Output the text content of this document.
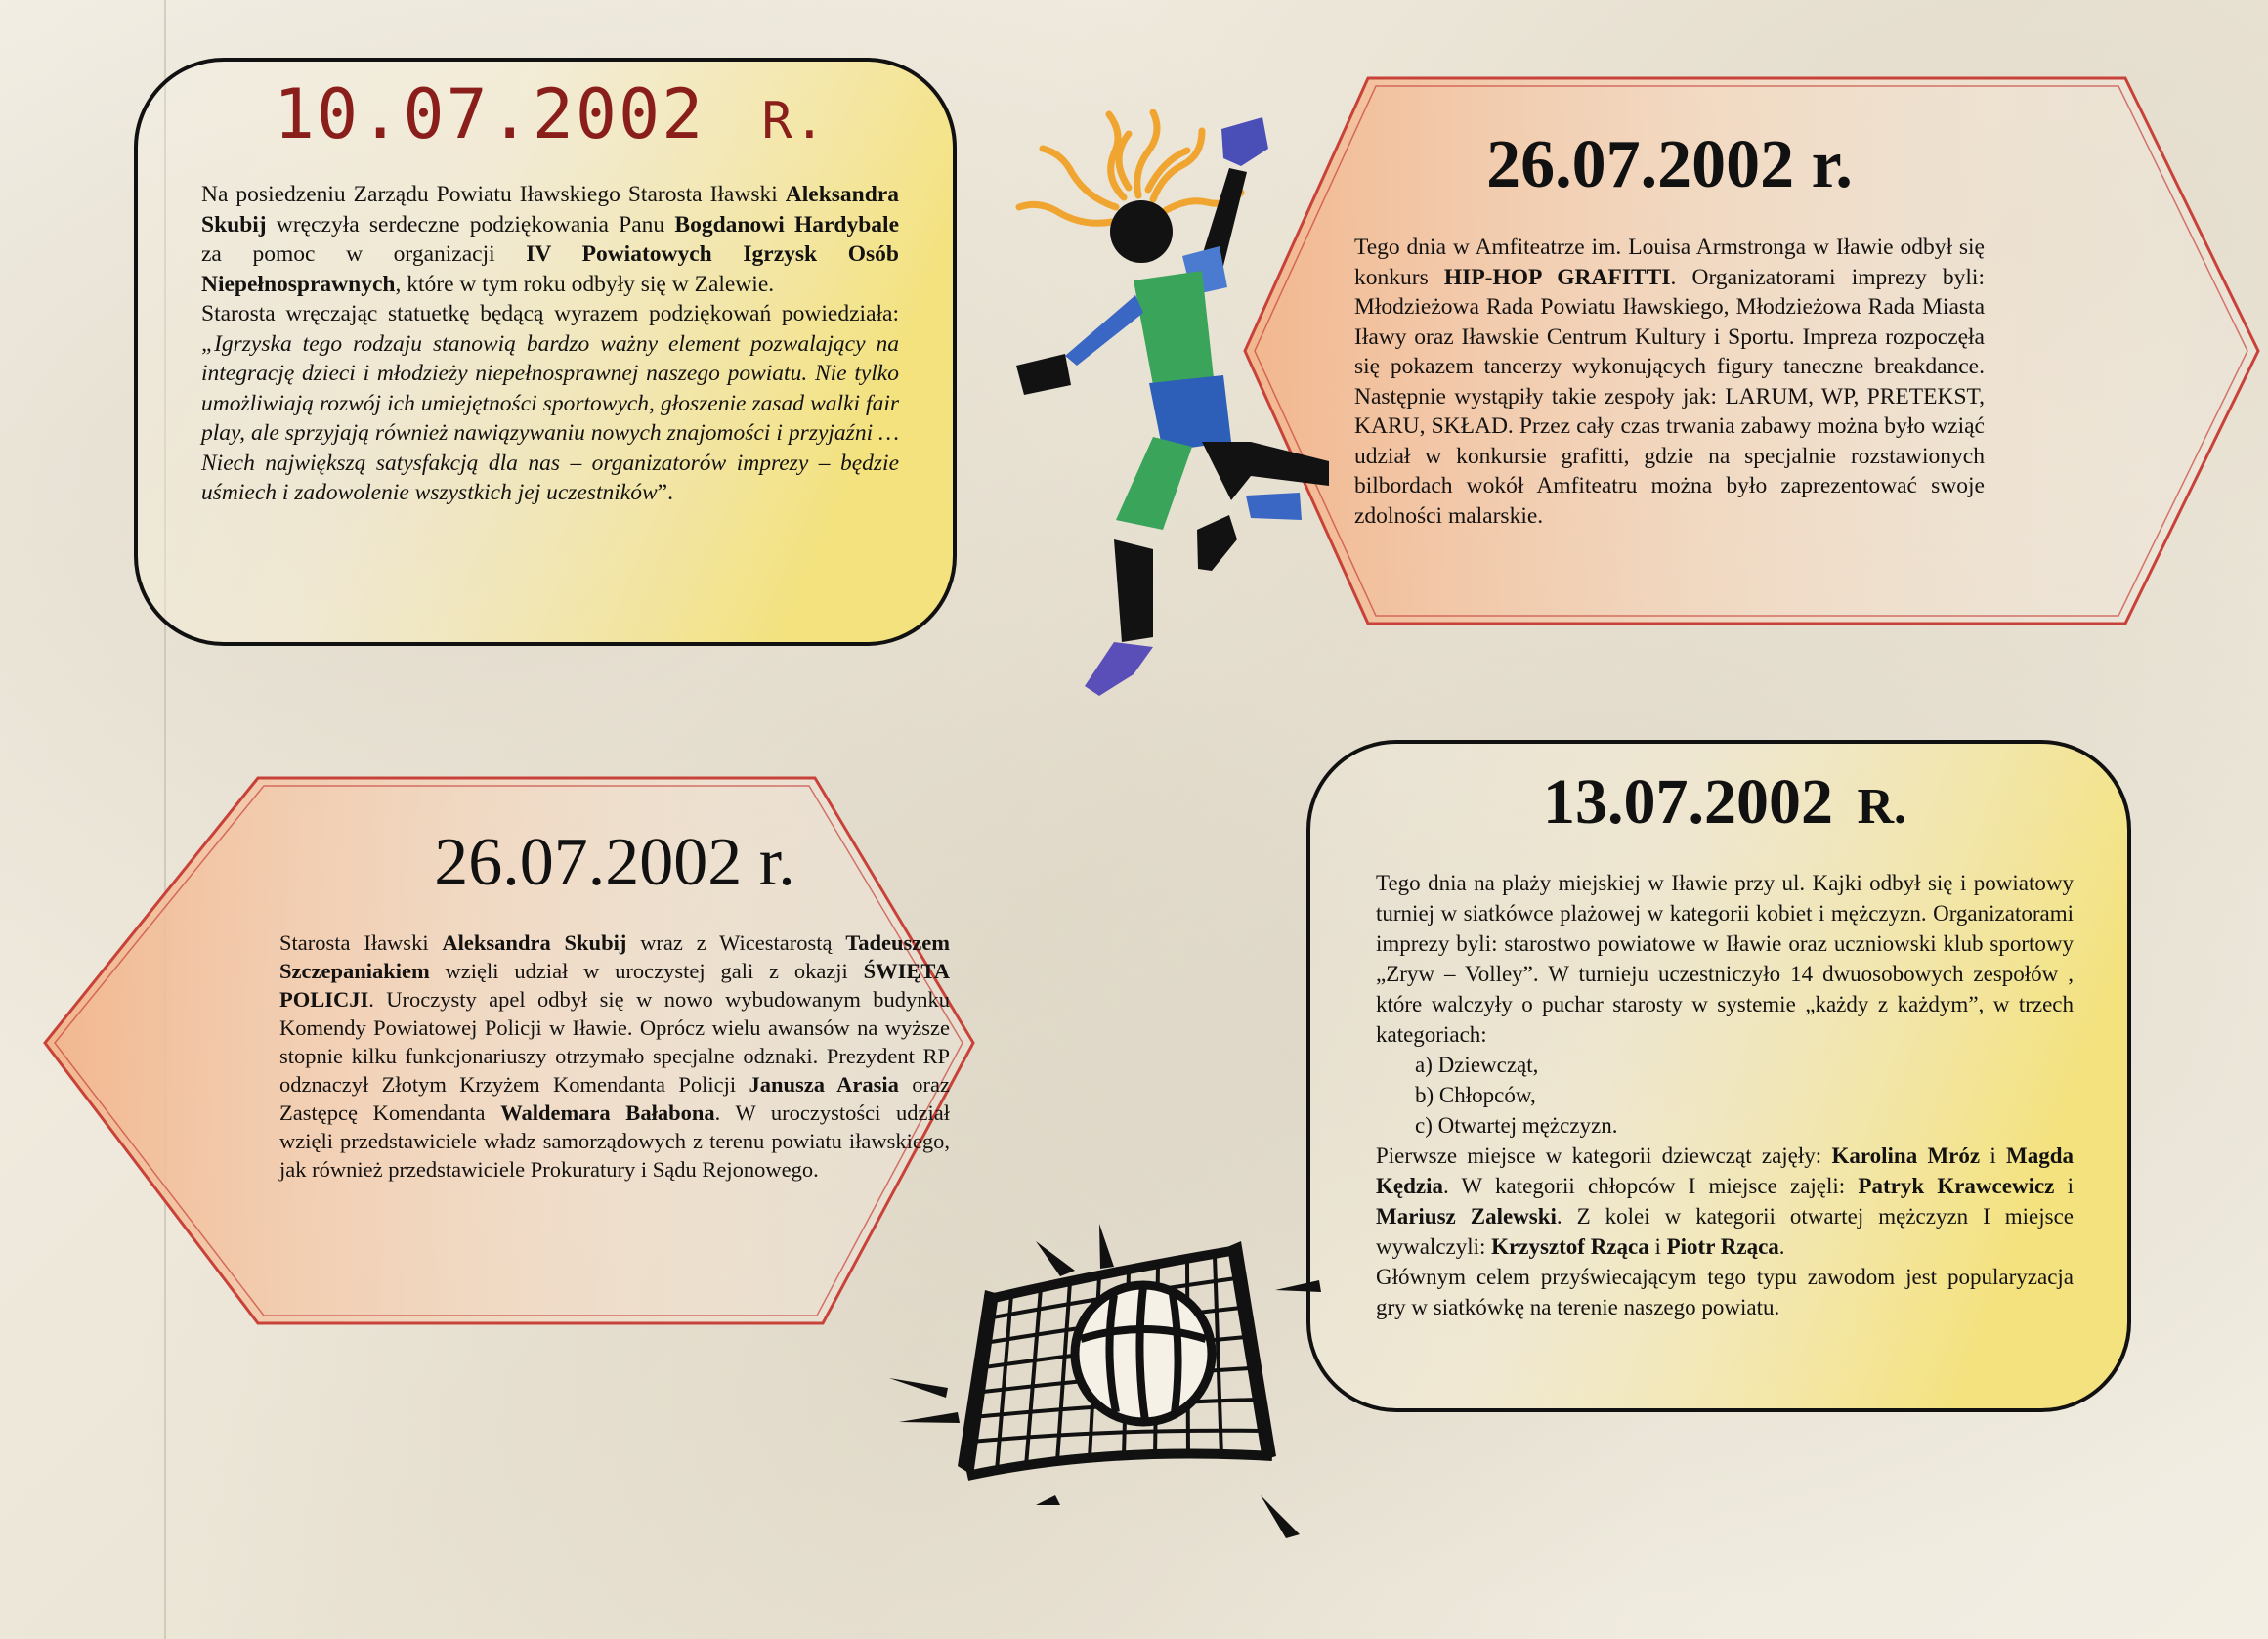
10.07.2002 R.

Na posiedzeniu Zarządu Powiatu Iławskiego Starosta Iławski Aleksandra Skubij wręczyła serdeczne podziękowania Panu Bogdanowi Hardybale za pomoc w organizacji IV Powiatowych Igrzysk Osób Niepełnosprawnych, które w tym roku odbyły się w Zalewie.

Starosta wręczając statuetkę będącą wyrazem podziękowań powiedziała: „Igrzyska tego rodzaju stanowią bardzo ważny element pozwalający na integrację dzieci i młodzieży niepełnosprawnej naszego powiatu. Nie tylko umożliwiają rozwój ich umiejętności sportowych, głoszenie zasad walki fair play, ale sprzyjają również nawiązywaniu nowych znajomości i przyjaźni … Niech największą satysfakcją dla nas – organizatorów imprezy – będzie uśmiech i zadowolenie wszystkich jej uczestników”.

26.07.2002 r.

Tego dnia w Amfiteatrze im. Louisa Armstronga w Iławie odbył się konkurs HIP-HOP GRAFITTI. Organizatorami imprezy byli: Młodzieżowa Rada Powiatu Iławskiego, Młodzieżowa Rada Miasta Iławy oraz Iławskie Centrum Kultury i Sportu. Impreza rozpoczęła się pokazem tancerzy wykonujących figury taneczne breakdance. Następnie wystąpiły takie zespoły jak: LARUM, WP, PRETEKST, KARU, SKŁAD. Przez cały czas trwania zabawy można było wziąć udział w konkursie grafitti, gdzie na specjalnie rozstawionych bilbordach wokół Amfiteatru można było zaprezentować swoje zdolności malarskie.

26.07.2002 r.

Starosta Iławski Aleksandra Skubij wraz z Wicestarostą Tadeuszem Szczepaniakiem wzięli udział w uroczystej gali z okazji ŚWIĘTA POLICJI. Uroczysty apel odbył się w nowo wybudowanym budynku Komendy Powiatowej Policji w Iławie. Oprócz wielu awansów na wyższe stopnie kilku funkcjonariuszy otrzymało specjalne odznaki. Prezydent RP odznaczył Złotym Krzyżem Komendanta Policji Janusza Arasia oraz Zastępcę Komendanta Waldemara Bałabona. W uroczystości udział wzięli przedstawiciele władz samorządowych z terenu powiatu iławskiego, jak również przedstawiciele Prokuratury i Sądu Rejonowego.

13.07.2002 R.

Tego dnia na plaży miejskiej w Iławie przy ul. Kajki odbył się i powiatowy turniej w siatkówce plażowej w kategorii kobiet i mężczyzn. Organizatorami imprezy byli: starostwo powiatowe w Iławie oraz uczniowski klub sportowy „Zryw – Volley”. W turnieju uczestniczyło 14 dwuosobowych zespołów , które walczyły o puchar starosty w systemie „każdy z każdym”, w trzech kategoriach:

a) Dziewcząt,
b) Chłopców,
c) Otwartej mężczyzn.

Pierwsze miejsce w kategorii dziewcząt zajęły: Karolina Mróz i Magda Kędzia. W kategorii chłopców I miejsce zajęli: Patryk Krawcewicz i Mariusz Zalewski. Z kolei w kategorii otwartej mężczyzn I miejsce wywalczyli: Krzysztof Rząca i Piotr Rząca.

Głównym celem przyświecającym tego typu zawodom jest popularyzacja gry w siatkówkę na terenie naszego powiatu.
